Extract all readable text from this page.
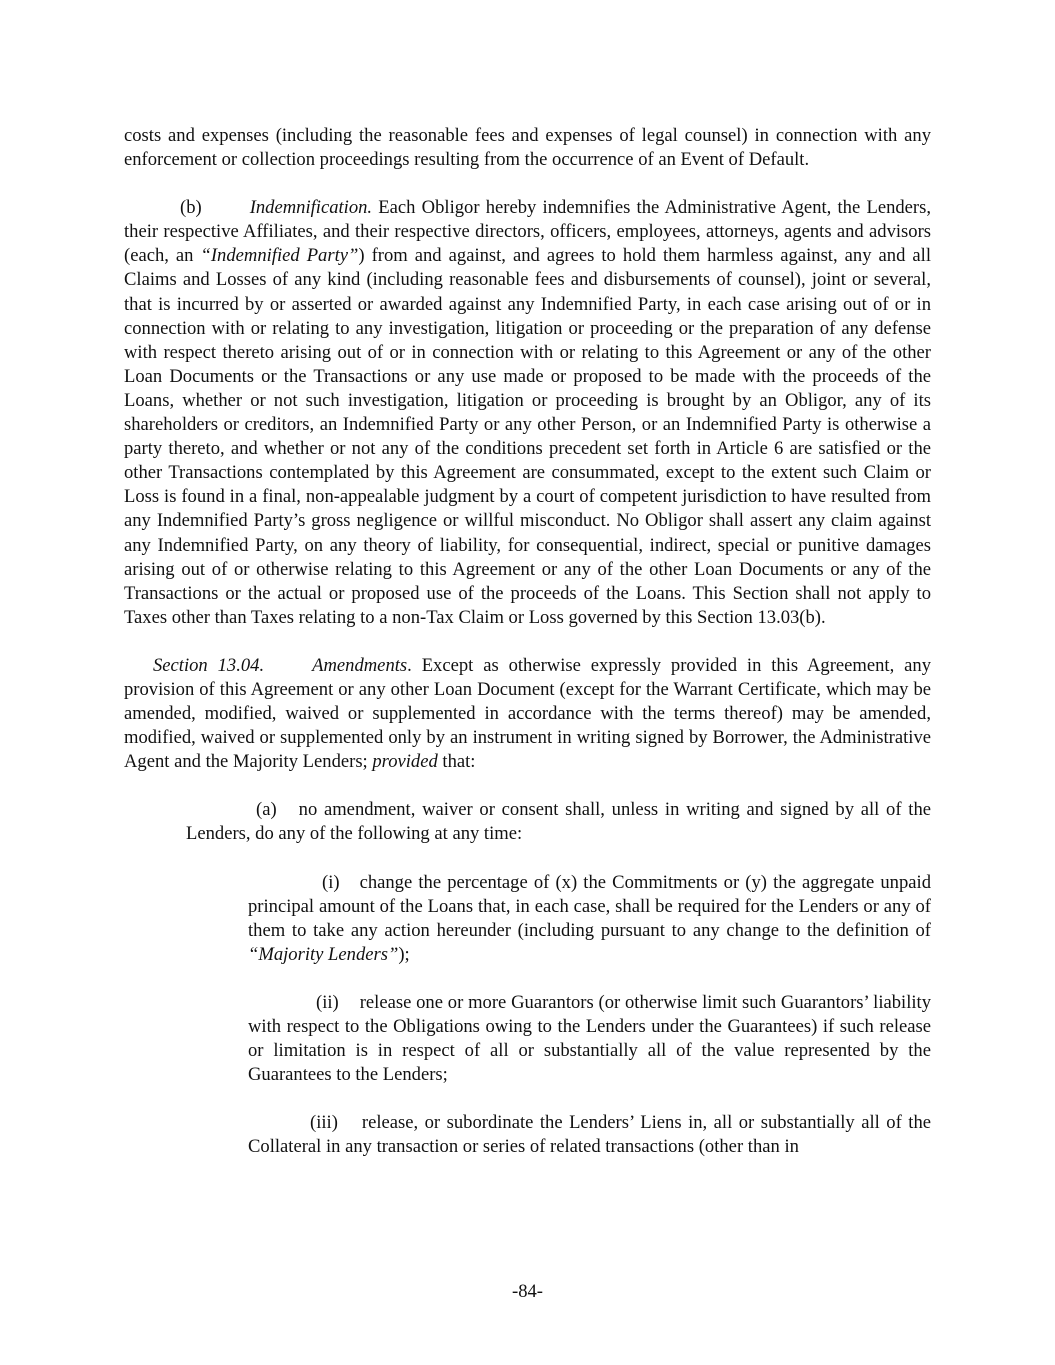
costs and expenses (including the reasonable fees and expenses of legal counsel) in connection with any enforcement or collection proceedings resulting from the occurrence of an Event of Default.

(b)	Indemnification. Each Obligor hereby indemnifies the Administrative Agent, the Lenders, their respective Affiliates, and their respective directors, officers, employees, attorneys, agents and advisors (each, an “Indemnified Party”) from and against, and agrees to hold them harmless against, any and all Claims and Losses of any kind (including reasonable fees and disbursements of counsel), joint or several, that is incurred by or asserted or awarded against any Indemnified Party, in each case arising out of or in connection with or relating to any investigation, litigation or proceeding or the preparation of any defense with respect thereto arising out of or in connection with or relating to this Agreement or any of the other Loan Documents or the Transactions or any use made or proposed to be made with the proceeds of the Loans, whether or not such investigation, litigation or proceeding is brought by an Obligor, any of its shareholders or creditors, an Indemnified Party or any other Person, or an Indemnified Party is otherwise a party thereto, and whether or not any of the conditions precedent set forth in Article 6 are satisfied or the other Transactions contemplated by this Agreement are consummated, except to the extent such Claim or Loss is found in a final, non-appealable judgment by a court of competent jurisdiction to have resulted from any Indemnified Party’s gross negligence or willful misconduct. No Obligor shall assert any claim against any Indemnified Party, on any theory of liability, for consequential, indirect, special or punitive damages arising out of or otherwise relating to this Agreement or any of the other Loan Documents or any of the Transactions or the actual or proposed use of the proceeds of the Loans. This Section shall not apply to Taxes other than Taxes relating to a non-Tax Claim or Loss governed by this Section 13.03(b).

Section 13.04.	Amendments. Except as otherwise expressly provided in this Agreement, any provision of this Agreement or any other Loan Document (except for the Warrant Certificate, which may be amended, modified, waived or supplemented in accordance with the terms thereof) may be amended, modified, waived or supplemented only by an instrument in writing signed by Borrower, the Administrative Agent and the Majority Lenders; provided that:

(a) no amendment, waiver or consent shall, unless in writing and signed by all of the Lenders, do any of the following at any time:

(i) change the percentage of (x) the Commitments or (y) the aggregate unpaid principal amount of the Loans that, in each case, shall be required for the Lenders or any of them to take any action hereunder (including pursuant to any change to the definition of “Majority Lenders”);

(ii) release one or more Guarantors (or otherwise limit such Guarantors’ liability with respect to the Obligations owing to the Lenders under the Guarantees) if such release or limitation is in respect of all or substantially all of the value represented by the Guarantees to the Lenders;

(iii) release, or subordinate the Lenders’ Liens in, all or substantially all of the Collateral in any transaction or series of related transactions (other than in

-84-
